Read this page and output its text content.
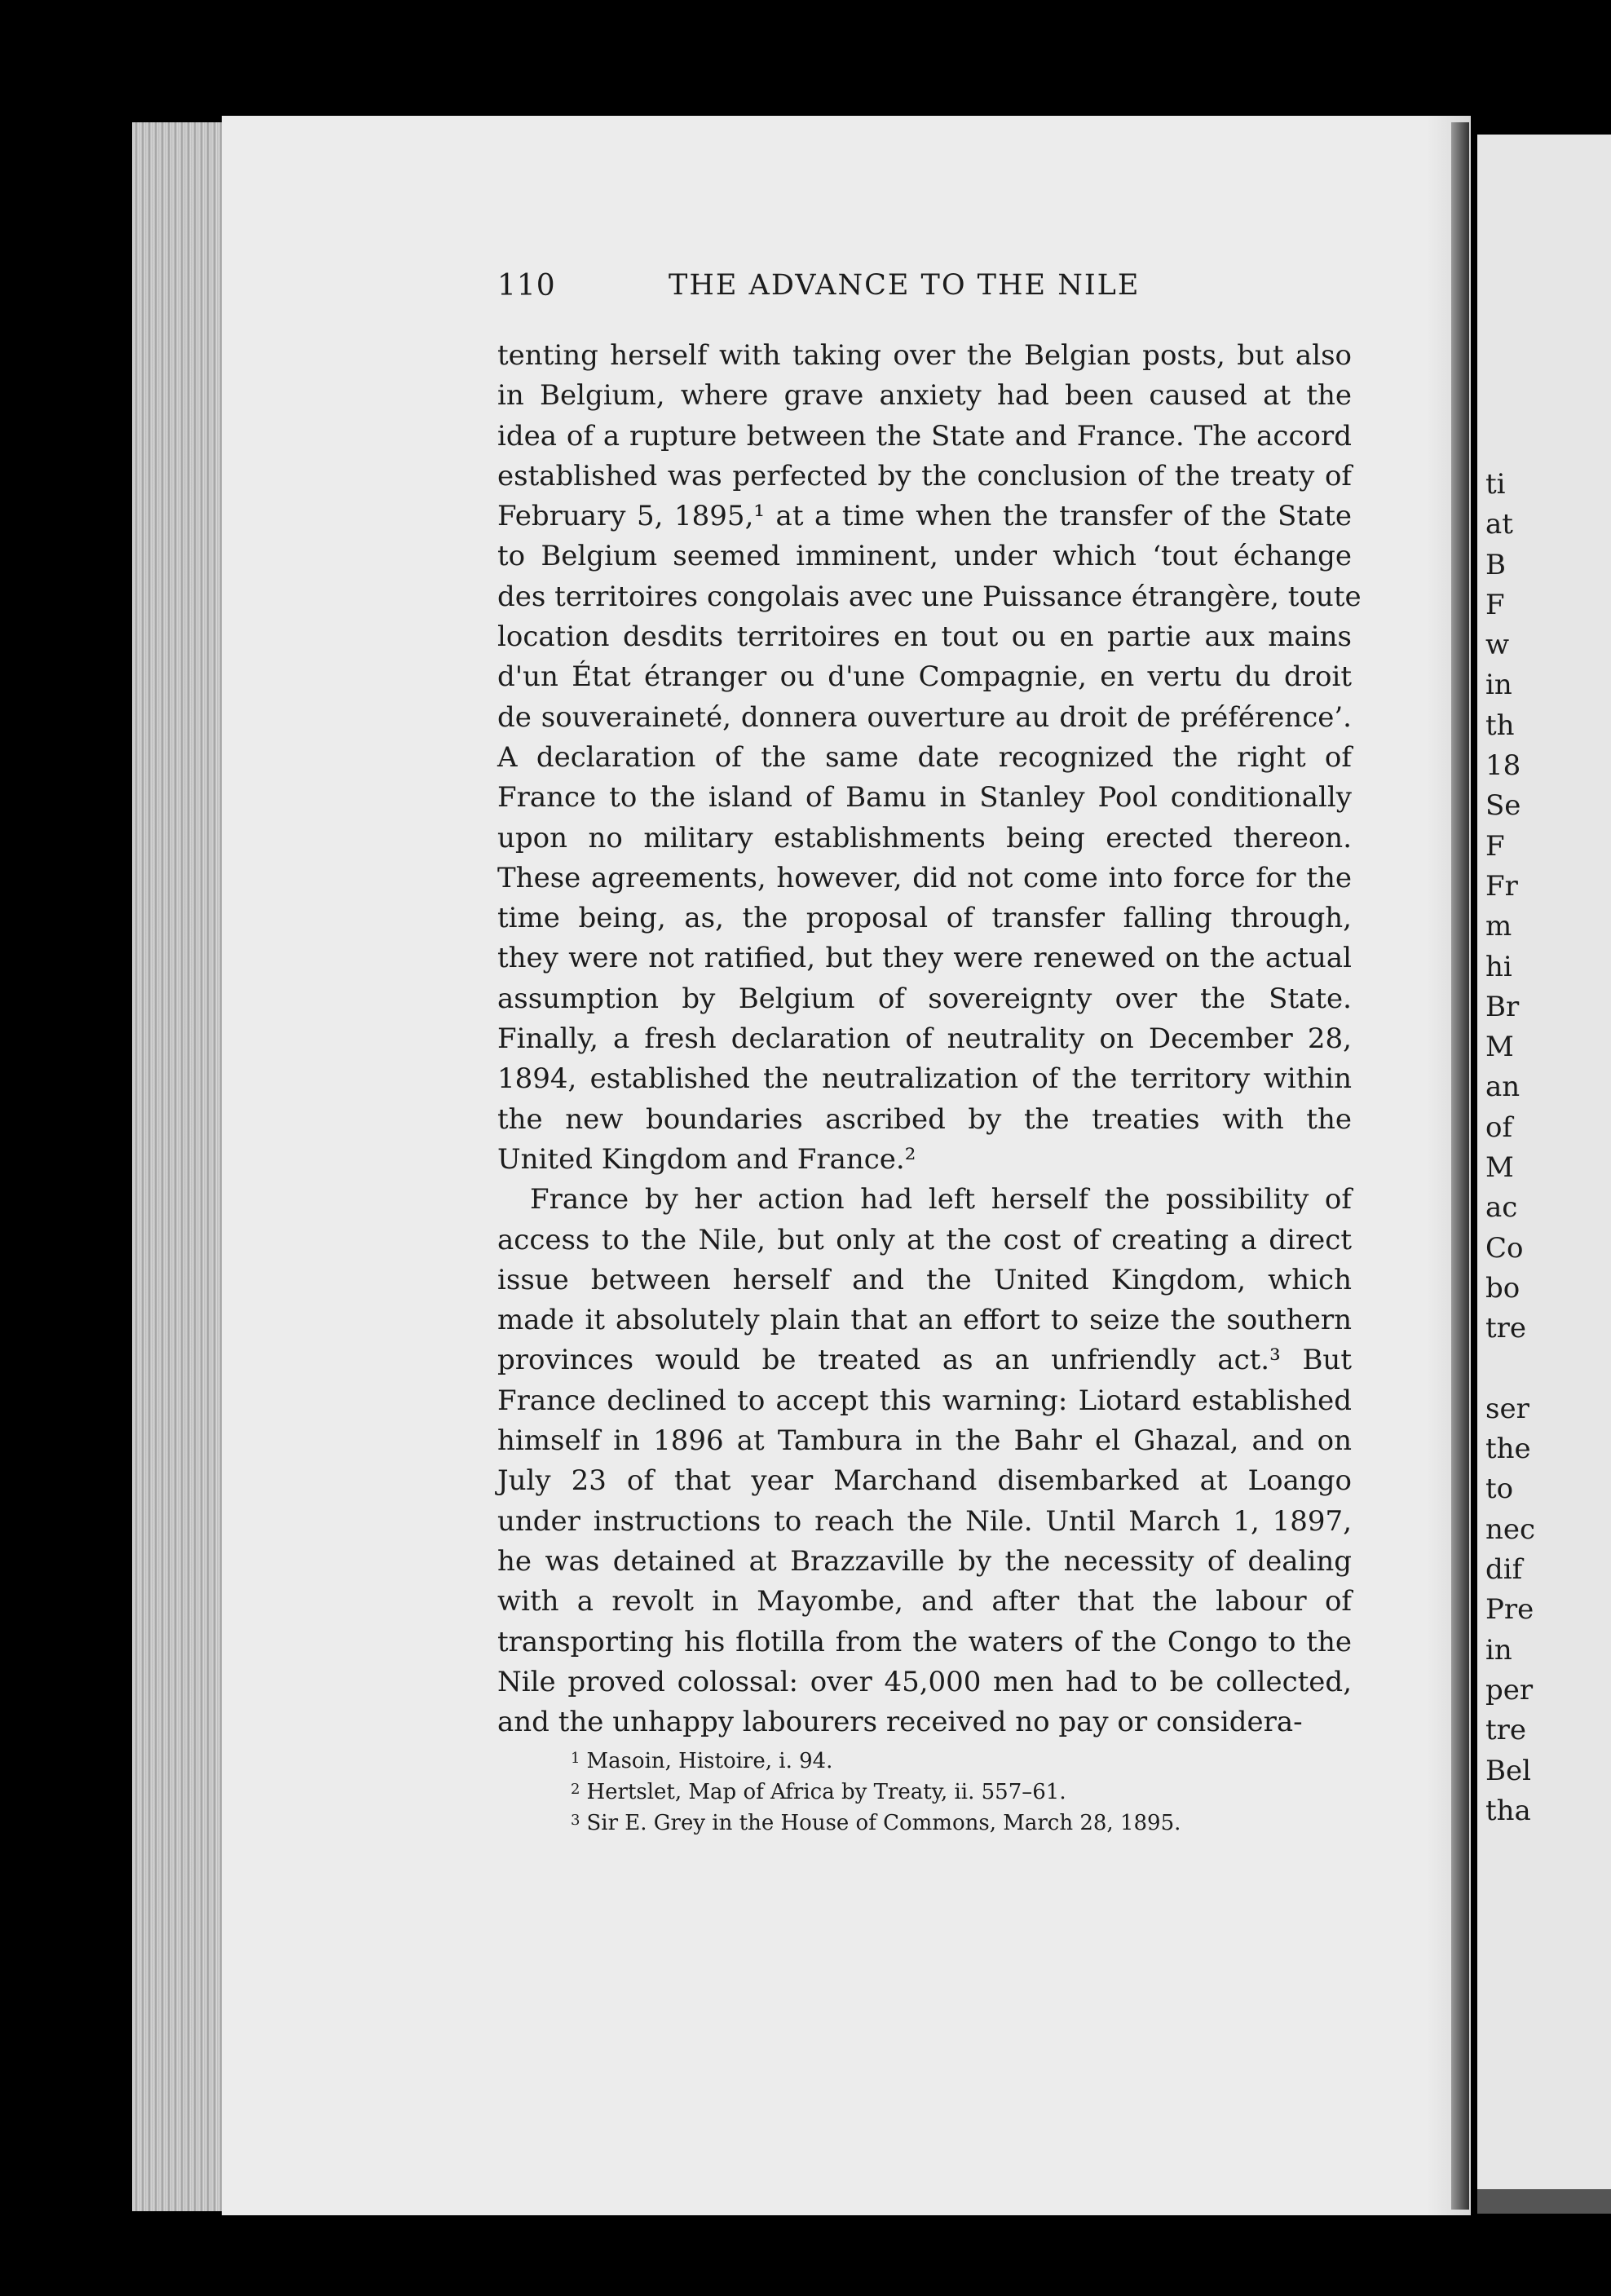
ti
at
B
F
w
in
th
18
Se
F
Fr
m
hi
Br
M
an
of
M
ac
Co
bo
tre
ser
the
to
nec
dif
Pre
in
per
tre
Bel
tha
110	THE ADVANCE TO THE NILE
tenting herself with taking over the Belgian posts, but also
in Belgium, where grave anxiety had been caused at the
idea of a rupture between the State and France. The accord
established was perfected by the conclusion of the treaty of
February 5, 1895,¹ at a time when the transfer of the State
to Belgium seemed imminent, under which ‘tout échange
des territoires congolais avec une Puissance étrangère, toute
location desdits territoires en tout ou en partie aux mains
d'un État étranger ou d'une Compagnie, en vertu du droit
de souveraineté, donnera ouverture au droit de préférence’.
A declaration of the same date recognized the right of
France to the island of Bamu in Stanley Pool conditionally
upon no military establishments being erected thereon.
These agreements, however, did not come into force for the
time being, as, the proposal of transfer falling through,
they were not ratified, but they were renewed on the actual
assumption by Belgium of sovereignty over the State.
Finally, a fresh declaration of neutrality on December 28,
1894, established the neutralization of the territory within
the new boundaries ascribed by the treaties with the
United Kingdom and France.²
France by her action had left herself the possibility of
access to the Nile, but only at the cost of creating a direct
issue between herself and the United Kingdom, which
made it absolutely plain that an effort to seize the southern
provinces would be treated as an unfriendly act.³ But
France declined to accept this warning: Liotard established
himself in 1896 at Tambura in the Bahr el Ghazal, and on
July 23 of that year Marchand disembarked at Loango
under instructions to reach the Nile. Until March 1, 1897,
he was detained at Brazzaville by the necessity of dealing
with a revolt in Mayombe, and after that the labour of
transporting his flotilla from the waters of the Congo to the
Nile proved colossal: over 45,000 men had to be collected,
and the unhappy labourers received no pay or considera-
$^1$ Masoin, Histoire, i. 94.
$^2$ Hertslet, Map of Africa by Treaty, ii. 557–61.
$^3$ Sir E. Grey in the House of Commons, March 28, 1895.
